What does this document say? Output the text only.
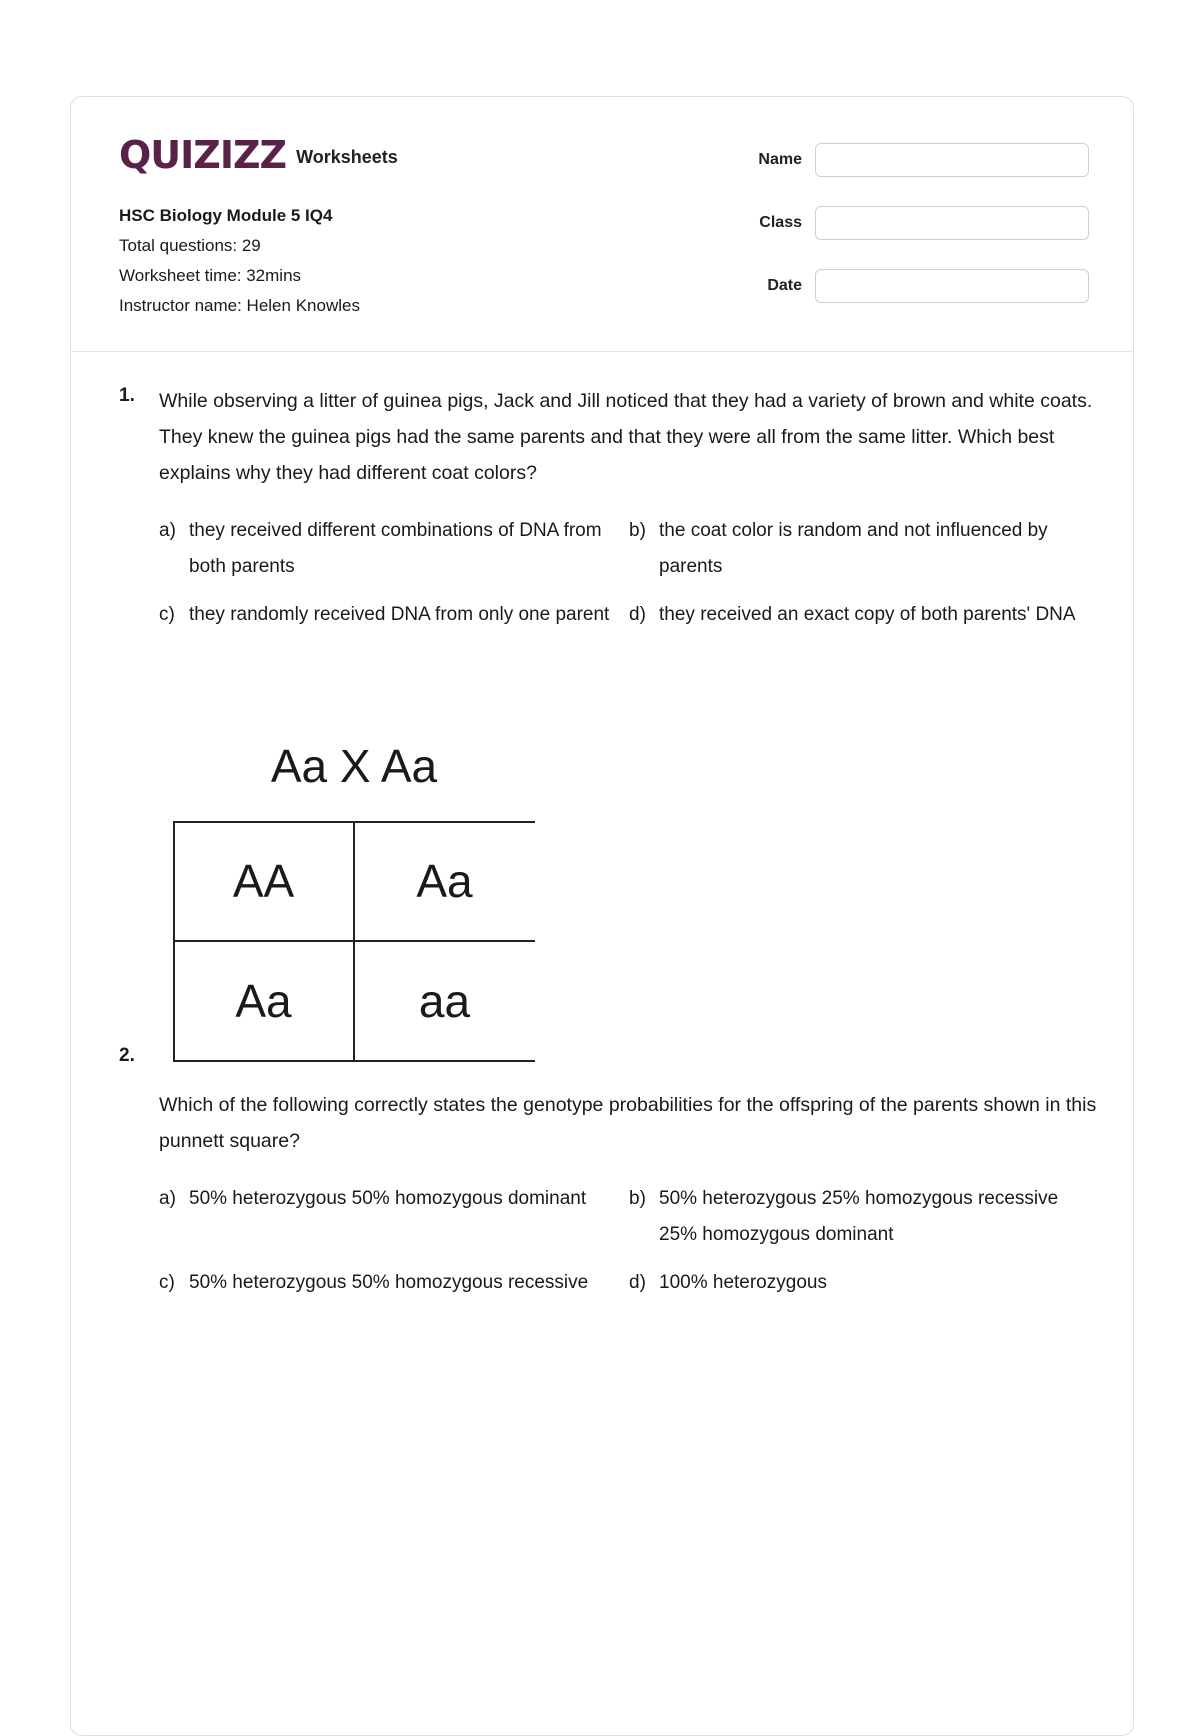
QUIZIZZ Worksheets
HSC Biology Module 5 IQ4
Total questions: 29
Worksheet time: 32mins
Instructor name: Helen Knowles
Name
Class
Date
1. While observing a litter of guinea pigs, Jack and Jill noticed that they had a variety of brown and white coats. They knew the guinea pigs had the same parents and that they were all from the same litter. Which best explains why they had different coat colors?
a) they received different combinations of DNA from both parents
b) the coat color is random and not influenced by parents
c) they randomly received DNA from only one parent	d) they received an exact copy of both parents' DNA
Aa X Aa
AA	Aa
Aa	aa
2.
Which of the following correctly states the genotype probabilities for the offspring of the parents shown in this punnett square?
a) 50% heterozygous 50% homozygous dominant	b) 50% heterozygous 25% homozygous recessive 25% homozygous dominant
c) 50% heterozygous 50% homozygous recessive	d) 100% heterozygous
